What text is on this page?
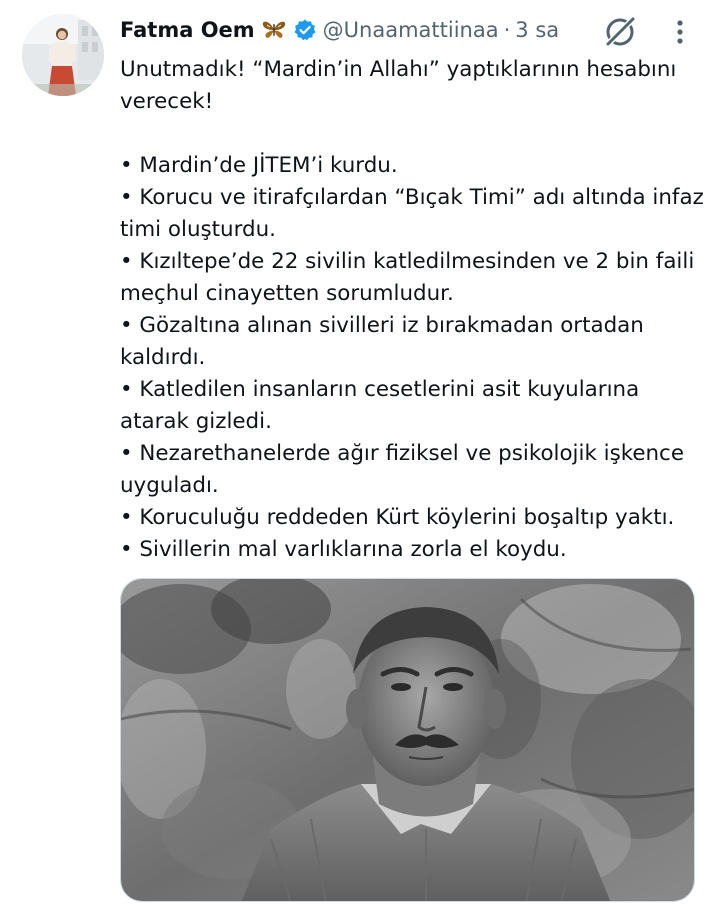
Fatma Oem	@Unaamattiinaa · 3 sa

Unutmadık! “Mardin’in Allahı” yaptıklarının hesabını verecek!

• Mardin’de JİTEM’i kurdu.

• Korucu ve itirafçılardan “Bıçak Timi” adı altında infaz timi oluşturdu.

• Kızıltepe’de 22 sivilin katledilmesinden ve 2 bin faili meçhul cinayetten sorumludur.

• Gözaltına alınan sivilleri iz bırakmadan ortadan kaldırdı.

• Katledilen insanların cesetlerini asit kuyularına atarak gizledi.

• Nezarethanelerde ağır fiziksel ve psikolojik işkence uyguladı.

• Koruculuğu reddeden Kürt köylerini boşaltıp yaktı.

• Sivillerin mal varlıklarına zorla el koydu.
